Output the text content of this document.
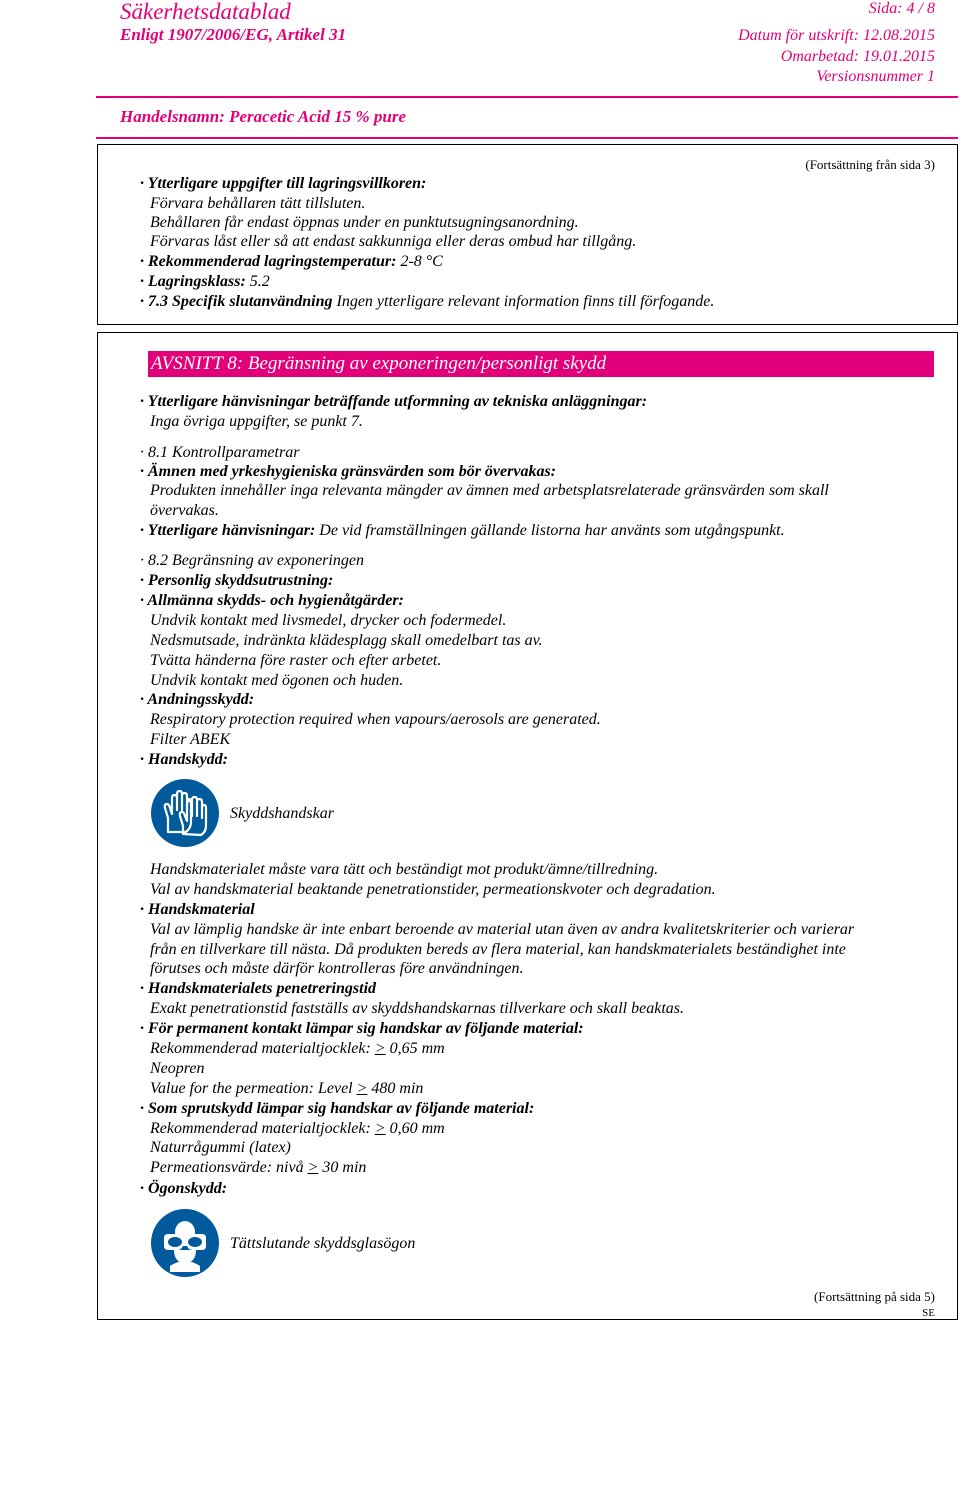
Säkerhetsdatablad
Enligt 1907/2006/EG, Artikel 31
Sida: 4 / 8
Datum för utskrift: 12.08.2015
Omarbetad: 19.01.2015
Versionsnummer 1
Handelsnamn: Peracetic Acid 15 % pure
(Fortsättning från sida 3)
· Ytterligare uppgifter till lagringsvillkoren:
Förvara behållaren tätt tillsluten.
Behållaren får endast öppnas under en punktutsugningsanordning.
Förvaras låst eller så att endast sakkunniga eller deras ombud har tillgång.
· Rekommenderad lagringstemperatur: 2-8 °C
· Lagringsklass: 5.2
· 7.3 Specifik slutanvändning Ingen ytterligare relevant information finns till förfogande.
AVSNITT 8: Begränsning av exponeringen/personligt skydd
· Ytterligare hänvisningar beträffande utformning av tekniska anläggningar:
Inga övriga uppgifter, se punkt 7.
· 8.1 Kontrollparametrar
· Ämnen med yrkeshygieniska gränsvärden som bör övervakas:
Produkten innehåller inga relevanta mängder av ämnen med arbetsplatsrelaterade gränsvärden som skall
övervakas.
· Ytterligare hänvisningar: De vid framställningen gällande listorna har använts som utgångspunkt.
· 8.2 Begränsning av exponeringen
· Personlig skyddsutrustning:
· Allmänna skydds- och hygienåtgärder:
Undvik kontakt med livsmedel, drycker och fodermedel.
Nedsmutsade, indränkta klädesplagg skall omedelbart tas av.
Tvätta händerna före raster och efter arbetet.
Undvik kontakt med ögonen och huden.
· Andningsskydd:
Respiratory protection required when vapours/aerosols are generated.
Filter ABEK
· Handskydd:
Skyddshandskar
Handskmaterialet måste vara tätt och beständigt mot produkt/ämne/tillredning.
Val av handskmaterial beaktande penetrationstider, permeationskvoter och degradation.
· Handskmaterial
Val av lämplig handske är inte enbart beroende av material utan även av andra kvalitetskriterier och varierar
från en tillverkare till nästa. Då produkten bereds av flera material, kan handskmaterialets beständighet inte
förutses och måste därför kontrolleras före användningen.
· Handskmaterialets penetreringstid
Exakt penetrationstid fastställs av skyddshandskarnas tillverkare och skall beaktas.
· För permanent kontakt lämpar sig handskar av följande material:
Rekommenderad materialtjocklek: > 0,65 mm
Neopren
Value for the permeation: Level ≥ 480 min
· Som sprutskydd lämpar sig handskar av följande material:
Rekommenderad materialtjocklek: > 0,60 mm
Naturrågummi (latex)
Permeationsvärde: nivå ≥ 30 min
· Ögonskydd:
Tättslutande skyddsglasögon
(Fortsättning på sida 5)
SE
